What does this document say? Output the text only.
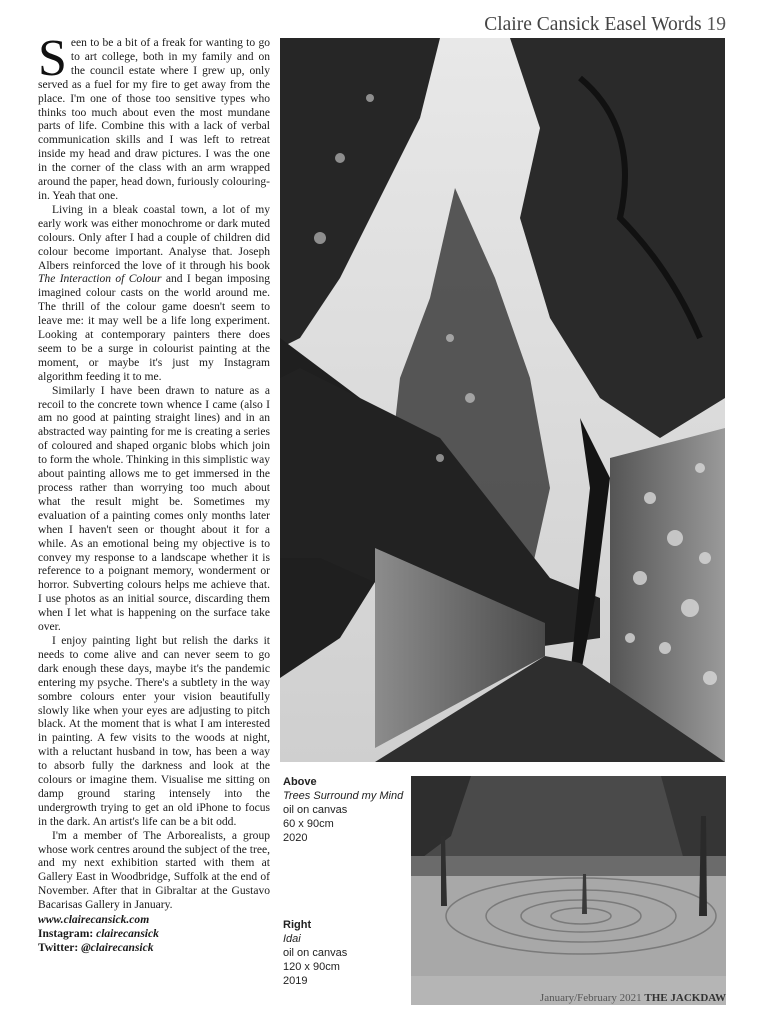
Claire Cansick Easel Words 19

Seen to be a bit of a freak for wanting to go to art college, both in my family and on the council estate where I grew up, only served as a fuel for my fire to get away from the place. I'm one of those too sensitive types who thinks too much about even the most mundane parts of life. Combine this with a lack of verbal communication skills and I was left to retreat inside my head and draw pictures. I was the one in the corner of the class with an arm wrapped around the paper, head down, furiously colouring-in. Yeah that one.

Living in a bleak coastal town, a lot of my early work was either monochrome or dark muted colours. Only after I had a couple of children did colour become important. Analyse that. Joseph Albers reinforced the love of it through his book The Interaction of Colour and I began imposing imagined colour casts on the world around me. The thrill of the colour game doesn't seem to leave me: it may well be a life long experiment. Looking at contemporary painters there does seem to be a surge in colourist painting at the moment, or maybe it's just my Instagram algorithm feeding it to me.

Similarly I have been drawn to nature as a recoil to the concrete town whence I came (also I am no good at painting straight lines) and in an abstracted way painting for me is creating a series of coloured and shaped organic blobs which join to form the whole. Thinking in this simplistic way about painting allows me to get immersed in the process rather than worrying too much about what the result might be. Sometimes my evaluation of a painting comes only months later when I haven't seen or thought about it for a while. As an emotional being my objective is to convey my response to a landscape whether it is reference to a poignant memory, wonderment or horror. Subverting colours helps me achieve that. I use photos as an initial source, discarding them when I let what is happening on the surface take over.

I enjoy painting light but relish the darks it needs to come alive and can never seem to go dark enough these days, maybe it's the pandemic entering my psyche. There's a subtlety in the way sombre colours enter your vision beautifully slowly like when your eyes are adjusting to pitch black. At the moment that is what I am interested in painting. A few visits to the woods at night, with a reluctant husband in tow, has been a way to absorb fully the darkness and look at the colours or imagine them. Visualise me sitting on damp ground staring intensely into the undergrowth trying to get an old iPhone to focus in the dark. An artist's life can be a bit odd.

I'm a member of The Arborealists, a group whose work centres around the subject of the tree, and my next exhibition started with them at Gallery East in Woodbridge, Suffolk at the end of November. After that in Gibraltar at the Gustavo Bacarisas Gallery in January.

www.clairecansick.com
Instagram: clairecansick
Twitter: @clairecansick
Above
Trees Surround my Mind
oil on canvas
60 x 90cm
2020
Right
Idai
oil on canvas
120 x 90cm
2019
January/February 2021 THE JACKDAW
